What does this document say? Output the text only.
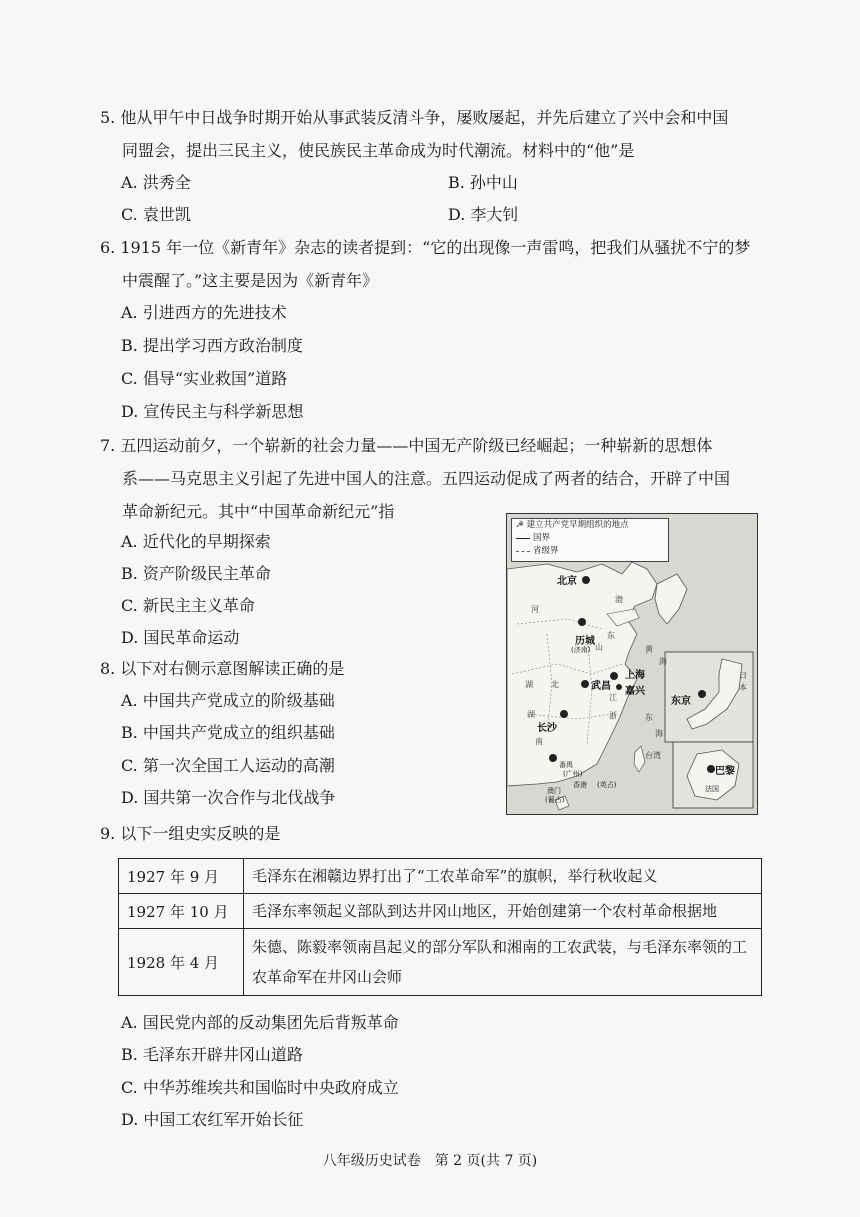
5. 他从甲午中日战争时期开始从事武装反清斗争，屡败屡起，并先后建立了兴中会和中国
同盟会，提出三民主义，使民族民主革命成为时代潮流。材料中的“他”是
A. 洪秀全	B. 孙中山
C. 袁世凯	D. 李大钊
6. 1915 年一位《新青年》杂志的读者提到：“它的出现像一声雷鸣，把我们从骚扰不宁的梦
中震醒了。”这主要是因为《新青年》
A. 引进西方的先进技术
B. 提出学习西方政治制度
C. 倡导“实业救国”道路
D. 宣传民主与科学新思想
7. 五四运动前夕，一个崭新的社会力量——中国无产阶级已经崛起；一种崭新的思想体
系——马克思主义引起了先进中国人的注意。五四运动促成了两者的结合，开辟了中国
革命新纪元。其中“中国革命新纪元”指
A. 近代化的早期探索
B. 资产阶级民主革命
C. 新民主主义革命
D. 国民革命运动
8. 以下对右侧示意图解读正确的是
A. 中国共产党成立的阶级基础
B. 中国共产党成立的组织基础
C. 第一次全国工人运动的高潮
D. 国共第一次合作与北伐战争
☭ 建立共产党早期组织的地点
国界
省级界
北京
历城
(济南)
上海
嘉兴
武昌
长沙
番禺
(广州)
香港 (英占)
澳门
(葡占)
东京
巴黎
法国
湖 北
湖
南
江
浙
台湾
日
本
河
山
东
黄
海
东
海
渤
9. 以下一组史实反映的是
1927 年 9 月	毛泽东在湘赣边界打出了“工农革命军”的旗帜，举行秋收起义
1927 年 10 月	毛泽东率领起义部队到达井冈山地区，开始创建第一个农村革命根据地
1928 年 4 月	朱德、陈毅率领南昌起义的部分军队和湘南的工农武装，与毛泽东率领的工农革命军在井冈山会师
A. 国民党内部的反动集团先后背叛革命
B. 毛泽东开辟井冈山道路
C. 中华苏维埃共和国临时中央政府成立
D. 中国工农红军开始长征
八年级历史试卷　第 2 页(共 7 页)
